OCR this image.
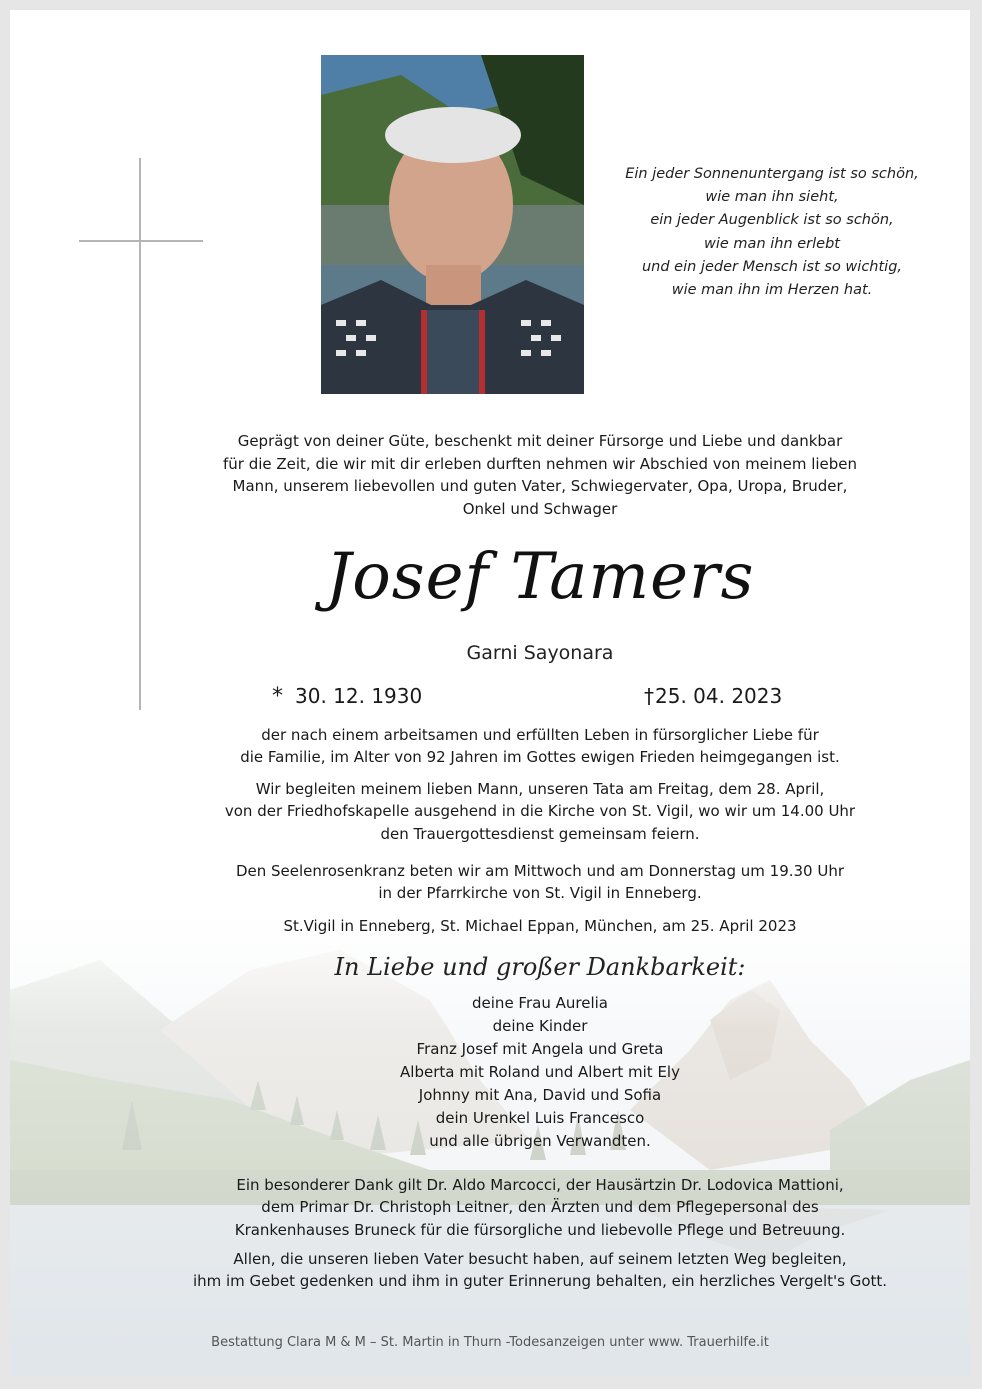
Ein jeder Sonnenuntergang ist so schön,
wie man ihn sieht,
ein jeder Augenblick ist so schön,
wie man ihn erlebt
und ein jeder Mensch ist so wichtig,
wie man ihn im Herzen hat.
Geprägt von deiner Güte, beschenkt mit deiner Fürsorge und Liebe und dankbar
für die Zeit, die wir mit dir erleben durften nehmen wir Abschied von meinem lieben
Mann, unserem liebevollen und guten Vater, Schwiegervater, Opa, Uropa, Bruder,
Onkel und Schwager
Josef Tamers
Garni Sayonara
* 30. 12. 1930	†25. 04. 2023
der nach einem arbeitsamen und erfüllten Leben in fürsorglicher Liebe für
die Familie, im Alter von 92 Jahren im Gottes ewigen Frieden heimgegangen ist.
Wir begleiten meinem lieben Mann, unseren Tata am Freitag, dem 28. April,
von der Friedhofskapelle ausgehend in die Kirche von St. Vigil, wo wir um 14.00 Uhr
den Trauergottesdienst gemeinsam feiern.
Den Seelenrosenkranz beten wir am Mittwoch und am Donnerstag um 19.30 Uhr
in der Pfarrkirche von St. Vigil in Enneberg.
St.Vigil in Enneberg, St. Michael Eppan, München, am 25. April 2023
In Liebe und großer Dankbarkeit:
deine Frau Aurelia
deine Kinder
Franz Josef mit Angela und Greta
Alberta mit Roland und Albert mit Ely
Johnny mit Ana, David und Sofia
dein Urenkel Luis Francesco
und alle übrigen Verwandten.
Ein besonderer Dank gilt Dr. Aldo Marcocci, der Hausärtzin Dr. Lodovica Mattioni,
dem Primar Dr. Christoph Leitner, den Ärzten und dem Pflegepersonal des
Krankenhauses Bruneck für die fürsorgliche und liebevolle Pflege und Betreuung.
Allen, die unseren lieben Vater besucht haben, auf seinem letzten Weg begleiten,
ihm im Gebet gedenken und ihm in guter Erinnerung behalten, ein herzliches Vergelt's Gott.
Bestattung Clara M & M – St. Martin in Thurn -Todesanzeigen unter www. Trauerhilfe.it
